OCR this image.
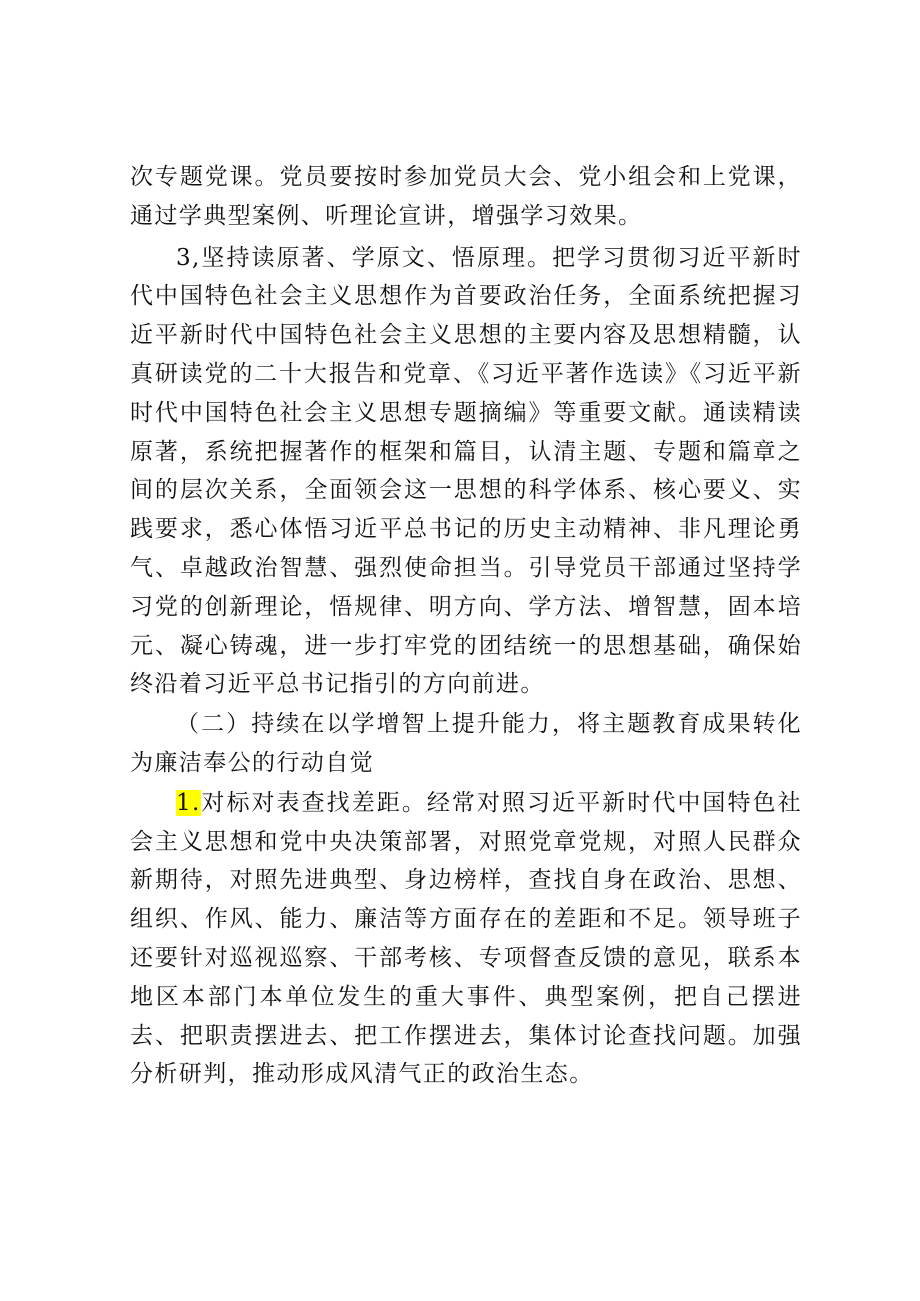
次专题党课。党员要按时参加党员大会、党小组会和上党课，通过学典型案例、听理论宣讲，增强学习效果。

3,坚持读原著、学原文、悟原理。把学习贯彻习近平新时代中国特色社会主义思想作为首要政治任务，全面系统把握习近平新时代中国特色社会主义思想的主要内容及思想精髓，认真研读党的二十大报告和党章、《习近平著作选读》《习近平新时代中国特色社会主义思想专题摘编》等重要文献。通读精读原著，系统把握著作的框架和篇目，认清主题、专题和篇章之间的层次关系，全面领会这一思想的科学体系、核心要义、实践要求，悉心体悟习近平总书记的历史主动精神、非凡理论勇气、卓越政治智慧、强烈使命担当。引导党员干部通过坚持学习党的创新理论，悟规律、明方向、学方法、增智慧，固本培元、凝心铸魂，进一步打牢党的团结统一的思想基础，确保始终沿着习近平总书记指引的方向前进。

（二）持续在以学增智上提升能力，将主题教育成果转化为廉洁奉公的行动自觉

1.对标对表查找差距。经常对照习近平新时代中国特色社会主义思想和党中央决策部署，对照党章党规，对照人民群众新期待，对照先进典型、身边榜样，查找自身在政治、思想、组织、作风、能力、廉洁等方面存在的差距和不足。领导班子还要针对巡视巡察、干部考核、专项督查反馈的意见，联系本地区本部门本单位发生的重大事件、典型案例，把自己摆进去、把职责摆进去、把工作摆进去，集体讨论查找问题。加强分析研判，推动形成风清气正的政治生态。
